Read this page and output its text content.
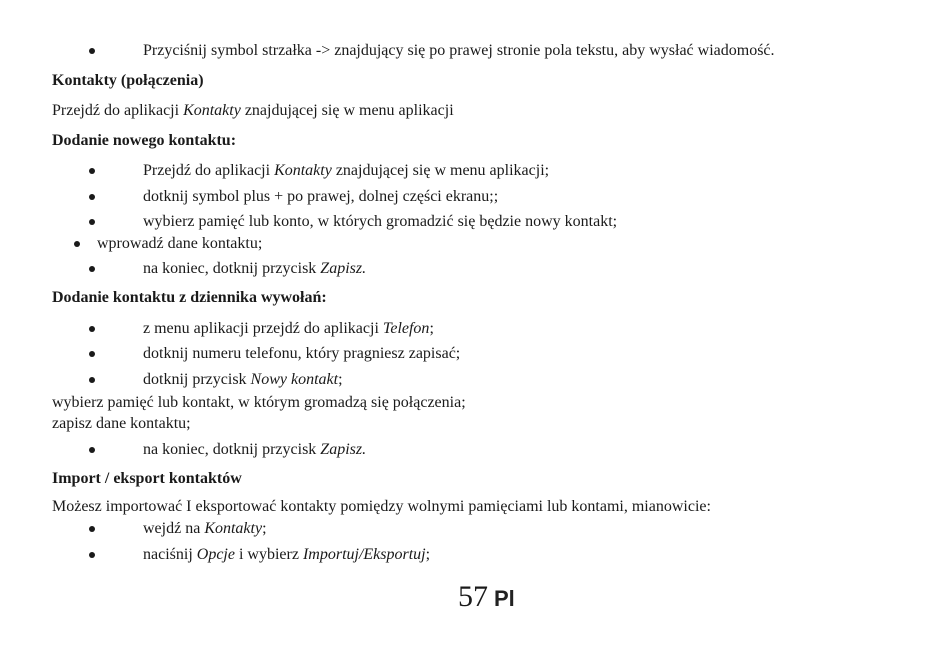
Przyciśnij symbol strzałka -> znajdujący się po prawej stronie pola tekstu, aby wysłać wiadomość.
Kontakty (połączenia)
Przejdź do aplikacji Kontakty znajdującej się w menu aplikacji
Dodanie nowego kontaktu:
Przejdź do aplikacji Kontakty znajdującej się w menu aplikacji;
dotknij symbol plus + po prawej, dolnej części ekranu;;
wybierz pamięć lub konto, w których gromadzić się będzie nowy kontakt;
wprowadź dane kontaktu;
na koniec, dotknij przycisk Zapisz.
Dodanie kontaktu z dziennika wywołań:
z menu aplikacji przejdź do aplikacji Telefon;
dotknij numeru telefonu, który pragniesz zapisać;
dotknij przycisk Nowy kontakt;
wybierz pamięć lub kontakt, w którym gromadzą się połączenia;
zapisz dane kontaktu;
na koniec, dotknij przycisk Zapisz.
Import / eksport kontaktów
Możesz importować I eksportować kontakty pomiędzy wolnymi pamięciami lub kontami, mianowicie:
wejdź na Kontakty;
naciśnij Opcje i wybierz Importuj/Eksportuj;
57 Pl
